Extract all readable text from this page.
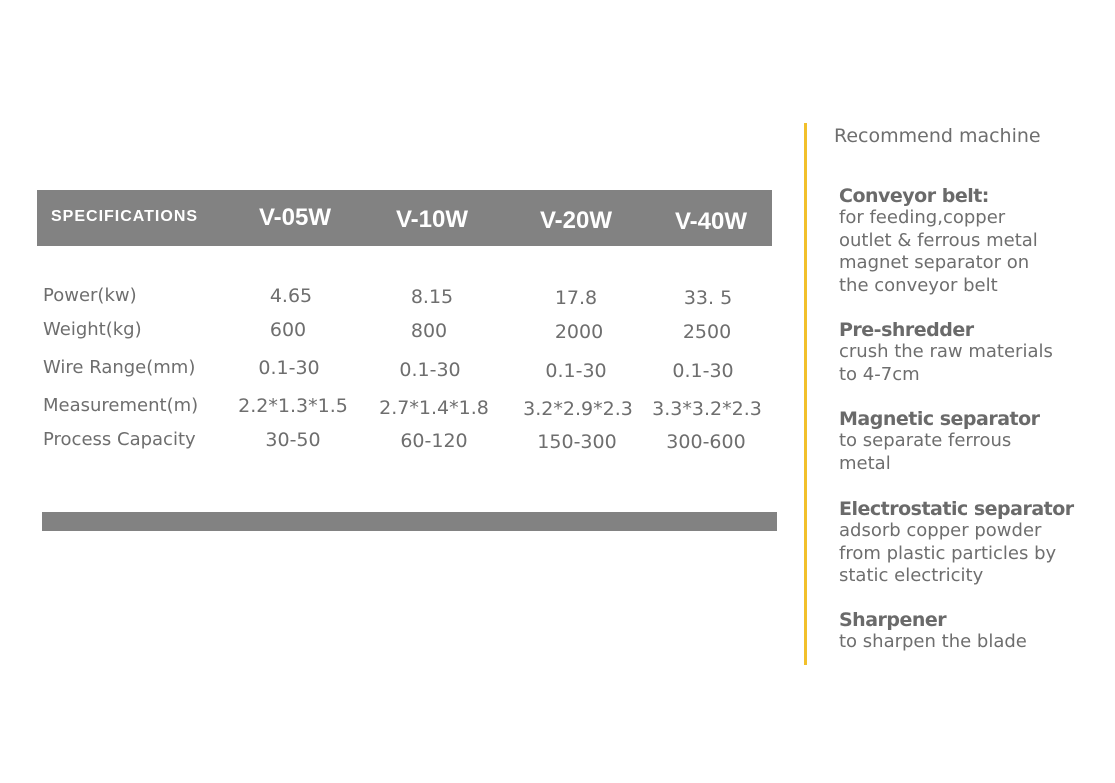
SPECIFICATIONS	V-05W	V-10W	V-20W	V-40W
Power(kw)	4.65	8.15	17.8	33. 5
Weight(kg)	600	800	2000	2500
Wire Range(mm)	0.1-30	0.1-30	0.1-30	0.1-30
Measurement(m) 2.2*1.3*1.5 2.7*1.4*1.8 3.2*2.9*2.3 3.3*3.2*2.3
Process Capacity	30-50	60-120	150-300	300-600
Recommend machine
Conveyor belt:
for feeding,copper outlet & ferrous metal magnet separator on the conveyor belt
Pre-shredder
crush the raw materials to 4-7cm
Magnetic separator
to separate ferrous metal
Electrostatic separator
adsorb copper powder from plastic particles by static electricity
Sharpener
to sharpen the blade
